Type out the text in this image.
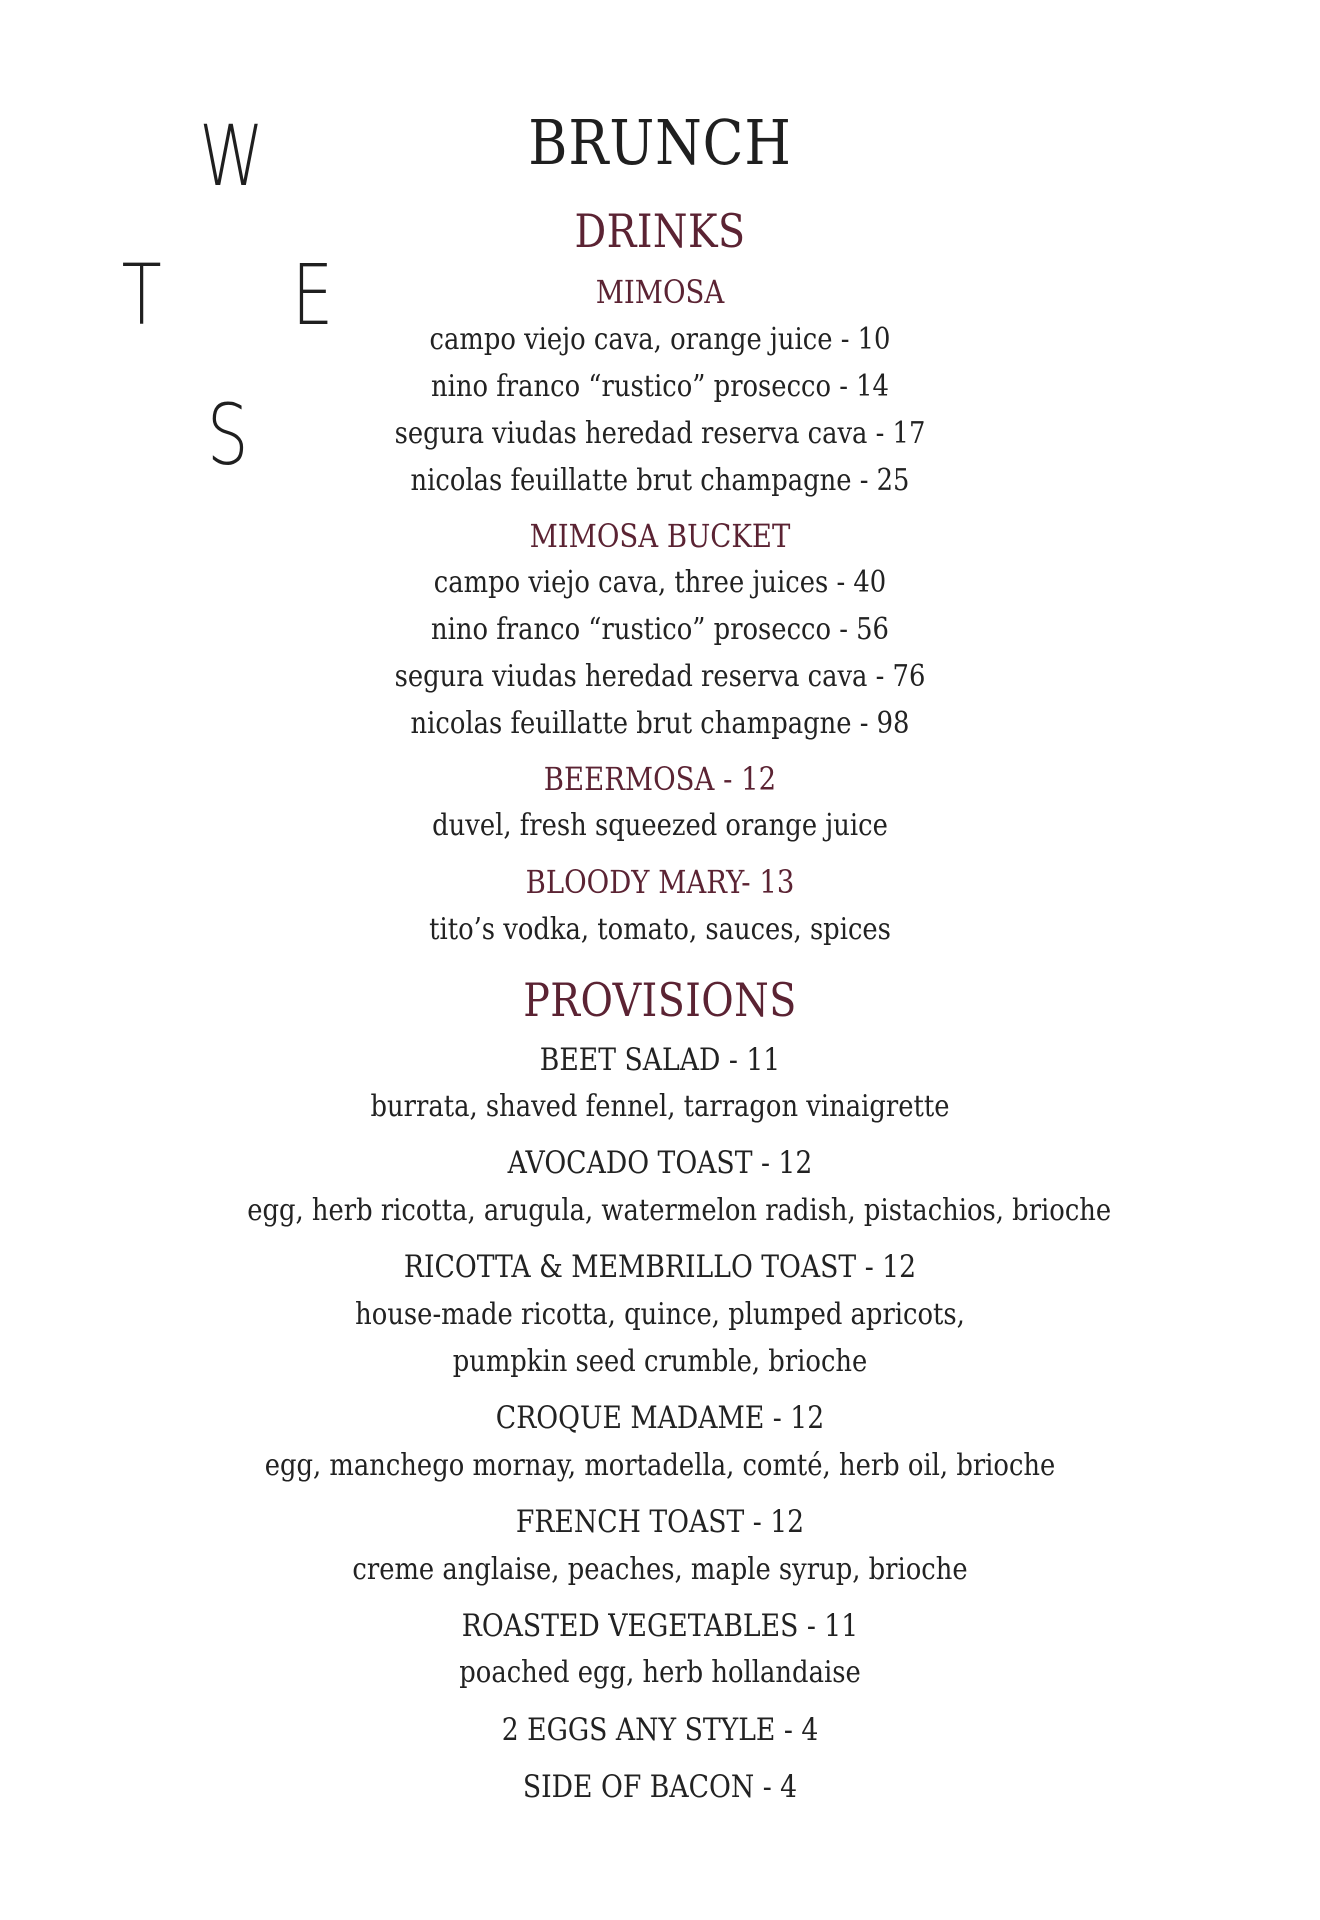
W
T E
S
BRUNCH
DRINKS
MIMOSA
campo viejo cava, orange juice - 10
nino franco “rustico” prosecco - 14
segura viudas heredad reserva cava - 17
nicolas feuillatte brut champagne - 25
MIMOSA BUCKET
campo viejo cava, three juices - 40
nino franco “rustico” prosecco - 56
segura viudas heredad reserva cava - 76
nicolas feuillatte brut champagne - 98
BEERMOSA - 12
duvel, fresh squeezed orange juice
BLOODY MARY- 13
tito’s vodka, tomato, sauces, spices
PROVISIONS
BEET SALAD - 11
burrata, shaved fennel, tarragon vinaigrette
AVOCADO TOAST - 12
egg, herb ricotta, arugula, watermelon radish, pistachios, brioche
RICOTTA & MEMBRILLO TOAST - 12
house-made ricotta, quince, plumped apricots,
pumpkin seed crumble, brioche
CROQUE MADAME - 12
egg, manchego mornay, mortadella, comté, herb oil, brioche
FRENCH TOAST - 12
creme anglaise, peaches, maple syrup, brioche
ROASTED VEGETABLES - 11
poached egg, herb hollandaise
2 EGGS ANY STYLE - 4
SIDE OF BACON - 4
